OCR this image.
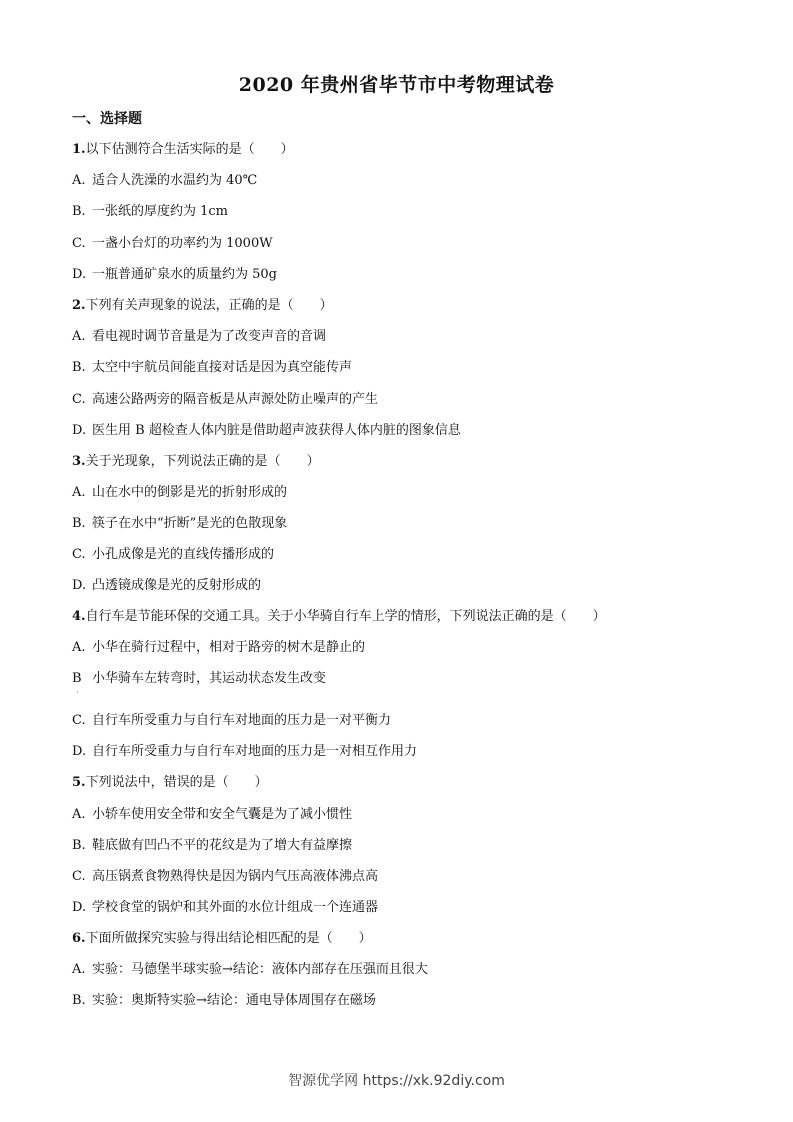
2020 年贵州省毕节市中考物理试卷
一、选择题
1.以下估测符合生活实际的是（　　）
A. 适合人洗澡的水温约为 40℃
B. 一张纸的厚度约为 1cm
C. 一盏小台灯的功率约为 1000W
D. 一瓶普通矿泉水的质量约为 50g
2.下列有关声现象的说法，正确的是（　　）
A. 看电视时调节音量是为了改变声音的音调
B. 太空中宇航员间能直接对话是因为真空能传声
C. 高速公路两旁的隔音板是从声源处防止噪声的产生
D. 医生用 B 超检查人体内脏是借助超声波获得人体内脏的图象信息
3.关于光现象，下列说法正确的是（　　）
A. 山在水中的倒影是光的折射形成的
B. 筷子在水中“折断”是光的色散现象
C. 小孔成像是光的直线传播形成的
D. 凸透镜成像是光的反射形成的
4.自行车是节能环保的交通工具。关于小华骑自行车上学的情形，下列说法正确的是（　　）
A. 小华在骑行过程中，相对于路旁的树木是静止的
B 小华骑车左转弯时，其运动状态发生改变
·
C. 自行车所受重力与自行车对地面的压力是一对平衡力
D. 自行车所受重力与自行车对地面的压力是一对相互作用力
5.下列说法中，错误的是（　　）
A. 小轿车使用安全带和安全气囊是为了减小惯性
B. 鞋底做有凹凸不平的花纹是为了增大有益摩擦
C. 高压锅煮食物熟得快是因为锅内气压高液体沸点高
D. 学校食堂的锅炉和其外面的水位计组成一个连通器
6.下面所做探究实验与得出结论相匹配的是（　　）
A. 实验：马德堡半球实验→结论：液体内部存在压强而且很大
B. 实验：奥斯特实验→结论：通电导体周围存在磁场
智源优学网 https://xk.92diy.com
